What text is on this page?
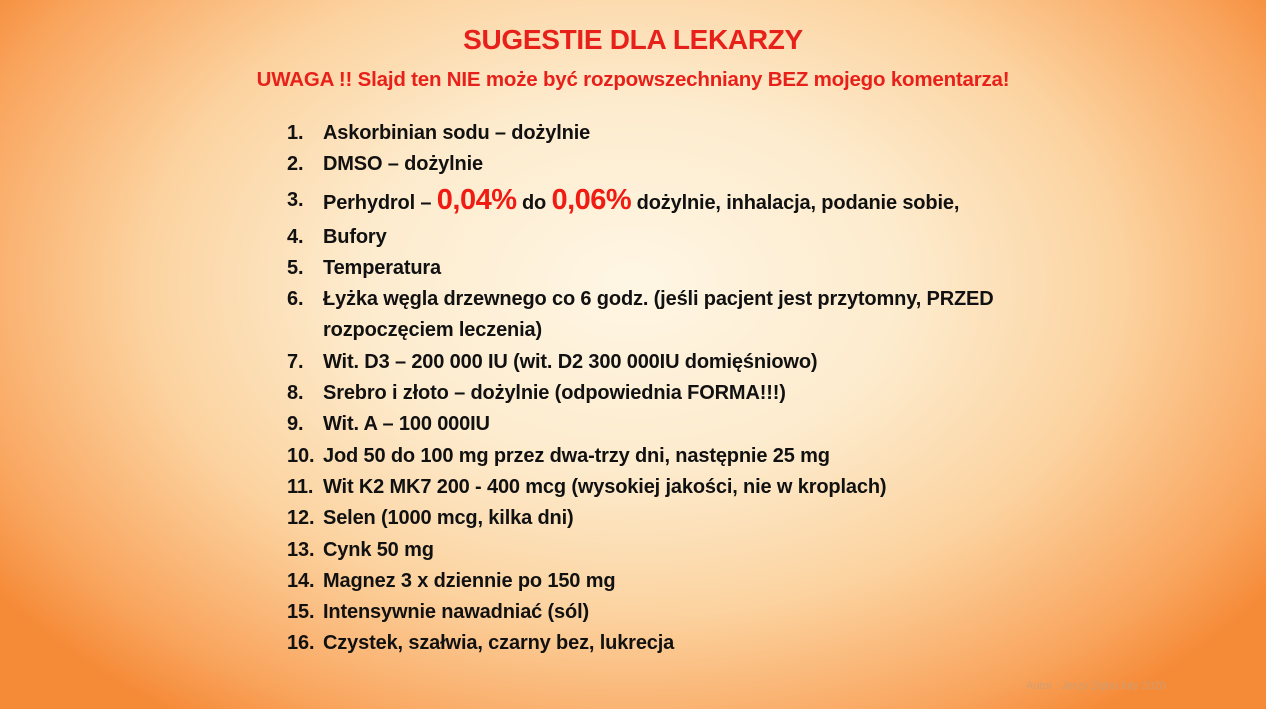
SUGESTIE DLA LEKARZY
UWAGA !! Slajd ten NIE może być rozpowszechniany BEZ mojego komentarza!
1. Askorbinian sodu – dożylnie
2. DMSO – dożylnie
3. Perhydrol – 0,04% do 0,06% dożylnie, inhalacja, podanie sobie,
4. Bufory
5. Temperatura
6. Łyżka węgla drzewnego co 6 godz. (jeśli pacjent jest przytomny, PRZED rozpoczęciem leczenia)
7. Wit. D3 – 200 000 IU (wit. D2 300 000IU domięśniowo)
8. Srebro i złoto – dożylnie (odpowiednia FORMA!!!)
9. Wit. A – 100 000IU
10. Jod 50 do 100 mg przez dwa-trzy dni, następnie 25 mg
11. Wit K2 MK7 200 - 400 mcg (wysokiej jakości, nie w kroplach)
12. Selen (1000 mcg, kilka dni)
13. Cynk 50 mg
14. Magnez 3 x dziennie po 150 mg
15. Intensywnie nawadniać (sól)
16. Czystek, szałwia, czarny bez, lukrecja
Autor : Jerzy Zięba luty 2020
